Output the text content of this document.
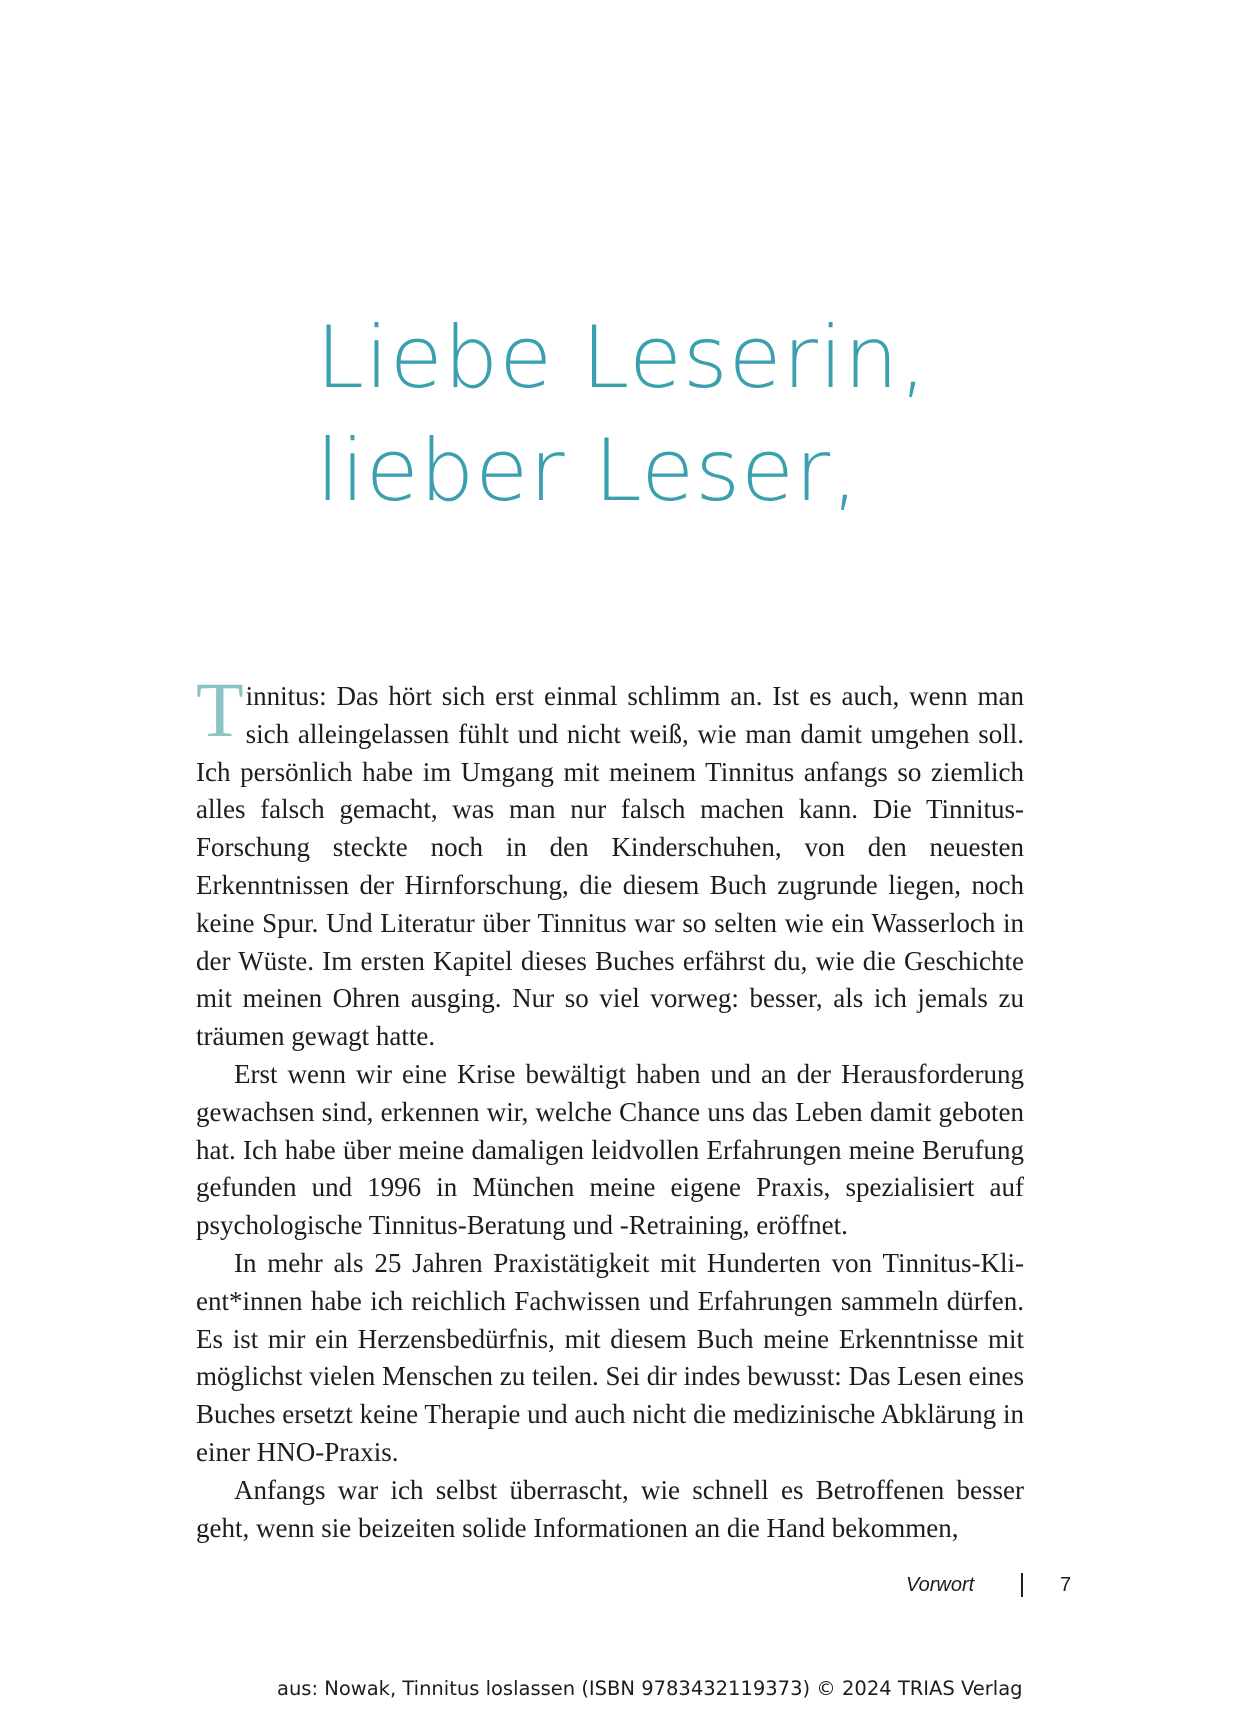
Liebe Leserin,
lieber Leser,

Tinnitus: Das hört sich erst einmal schlimm an. Ist es auch, wenn man sich alleingelassen fühlt und nicht weiß, wie man damit umgehen soll. Ich persönlich habe im Umgang mit meinem Tinnitus anfangs so ziemlich alles falsch gemacht, was man nur falsch machen kann. Die Tinnitus-Forschung steckte noch in den Kinderschuhen, von den neuesten Erkenntnissen der Hirnforschung, die diesem Buch zugrunde liegen, noch keine Spur. Und Literatur über Tinnitus war so selten wie ein Wasserloch in der Wüste. Im ersten Kapitel dieses Buches erfährst du, wie die Geschichte mit meinen Ohren ausging. Nur so viel vorweg: besser, als ich jemals zu träumen gewagt hatte.

Erst wenn wir eine Krise bewältigt haben und an der Herausforderung gewachsen sind, erkennen wir, welche Chance uns das Leben damit geboten hat. Ich habe über meine damaligen leidvollen Erfahrungen meine Berufung gefunden und 1996 in München meine eigene Praxis, spezialisiert auf psychologische Tinnitus-Beratung und -Retraining, eröffnet.

In mehr als 25 Jahren Praxistätigkeit mit Hunderten von Tinnitus-Klient*innen habe ich reichlich Fachwissen und Erfahrungen sammeln dürfen. Es ist mir ein Herzensbedürfnis, mit diesem Buch meine Erkenntnisse mit möglichst vielen Menschen zu teilen. Sei dir indes bewusst: Das Lesen eines Buches ersetzt keine Therapie und auch nicht die medizinische Abklärung in einer HNO-Praxis.

Anfangs war ich selbst überrascht, wie schnell es Betroffenen besser geht, wenn sie beizeiten solide Informationen an die Hand bekommen,

Vorwort	7
aus: Nowak, Tinnitus loslassen (ISBN 9783432119373) © 2024 TRIAS Verlag
